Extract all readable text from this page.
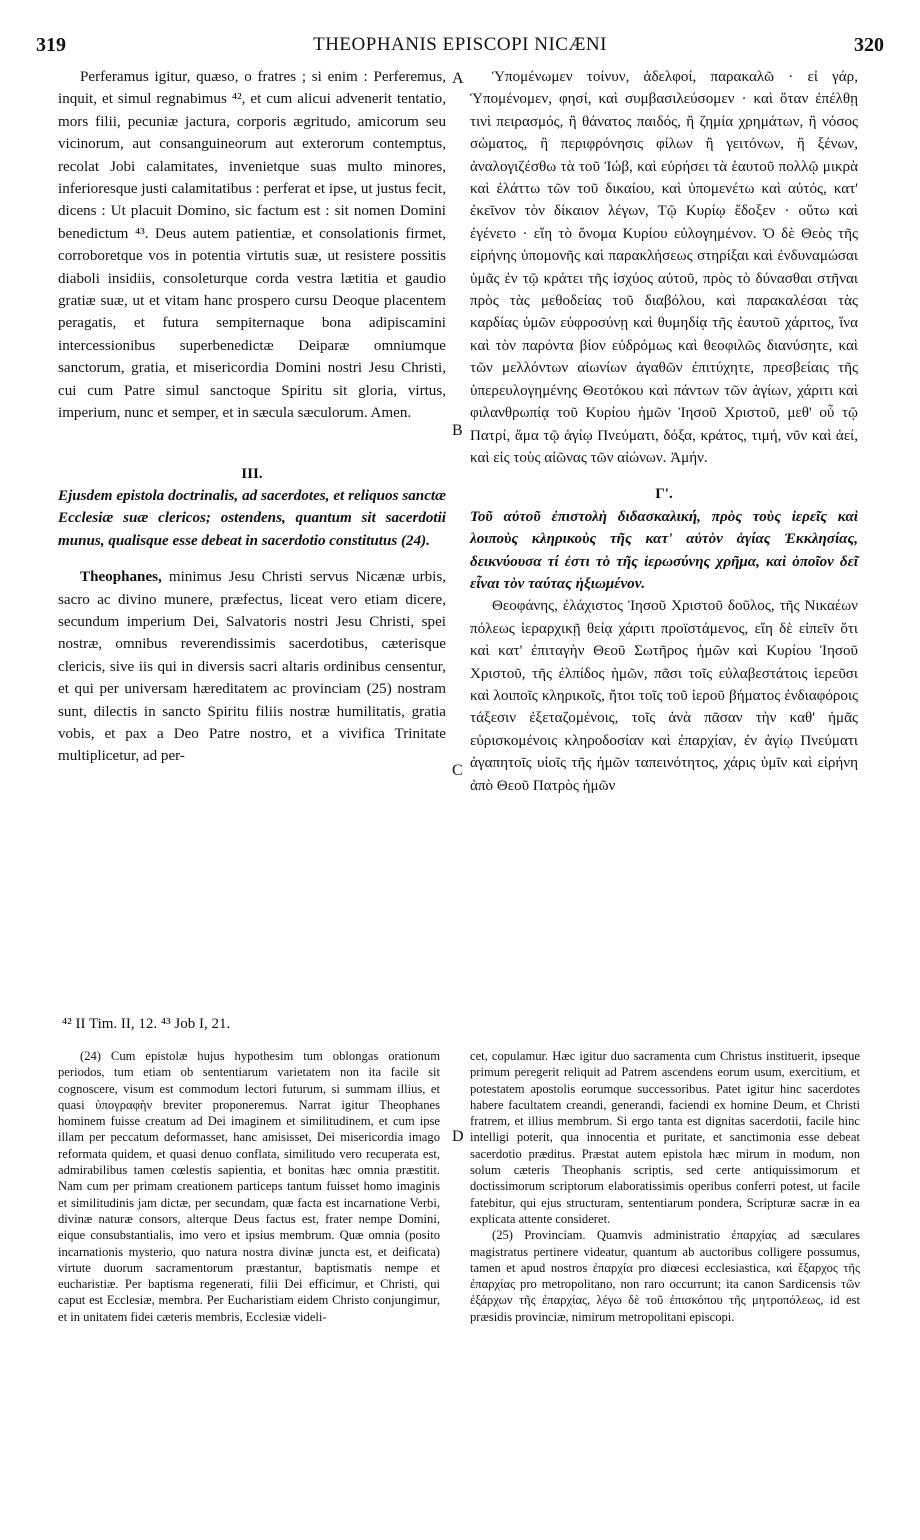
319	THEOPHANIS EPISCOPI NICÆNI	320
A
B
C
D

Perferamus igitur, quæso, o fratres ; si enim : Perferemus, inquit, et simul regnabimus ⁴², et cum alicui advenerit tentatio, mors filii, pecuniæ jactura, corporis ægritudo, amicorum seu vicinorum, aut consanguineorum aut exterorum contemptus, recolat Jobi calamitates, invenietque suas multo minores, inferioresque justi calamitatibus : perferat et ipse, ut justus fecit, dicens : Ut placuit Domino, sic factum est : sit nomen Domini benedictum ⁴³. Deus autem patientiæ, et consolationis firmet, corroboretque vos in potentia virtutis suæ, ut resistere possitis diaboli insidiis, consoleturque corda vestra lætitia et gaudio gratiæ suæ, ut et vitam hanc prospero cursu Deoque placentem peragatis, et futura sempiternaque bona adipiscamini intercessionibus superbenedictæ Deiparæ omniumque sanctorum, gratia, et misericordia Domini nostri Jesu Christi, cui cum Patre simul sanctoque Spiritu sit gloria, virtus, imperium, nunc et semper, et in sæcula sæculorum. Amen.

III.

Ejusdem epistola doctrinalis, ad sacerdotes, et reliquos sanctæ Ecclesiæ suæ clericos; ostendens, quantum sit sacerdotii munus, qualisque esse debeat in sacerdotio constitutus (24).

Theophanes, minimus Jesu Christi servus Nicænæ urbis, sacro ac divino munere, præfectus, liceat vero etiam dicere, secundum imperium Dei, Salvatoris nostri Jesu Christi, spei nostræ, omnibus reverendissimis sacerdotibus, cæterisque clericis, sive iis qui in diversis sacri altaris ordinibus censentur, et qui per universam hæreditatem ac provinciam (25) nostram sunt, dilectis in sancto Spiritu filiis nostræ humilitatis, gratia vobis, et pax a Deo Patre nostro, et a vivifica Trinitate multiplicetur, ad per-

Ὑπομένωμεν τοίνυν, ἀδελφοί, παρακαλῶ · εἰ γάρ, Ὑπομένομεν, φησί, καὶ συμβασιλεύσομεν · καὶ ὅταν ἐπέλθῃ τινὶ πειρασμός, ἢ θάνατος παιδός, ἢ ζημία χρημάτων, ἢ νόσος σώματος, ἢ περιφρόνησις φίλων ἢ γειτόνων, ἢ ξένων, ἀναλογιζέσθω τὰ τοῦ Ἰώβ, καὶ εὑρήσει τὰ ἑαυτοῦ πολλῷ μικρὰ καὶ ἐλάττω τῶν τοῦ δικαίου, καὶ ὑπομενέτω καὶ αὐτός, κατ' ἐκεῖνον τὸν δίκαιον λέγων, Τῷ Κυρίῳ ἔδοξεν · οὕτω καὶ ἐγένετο · εἴη τὸ ὄνομα Κυρίου εὐλογημένον. Ὁ δὲ Θεὸς τῆς εἰρήνης ὑπομονῆς καὶ παρακλήσεως στηρίξαι καὶ ἐνδυναμώσαι ὑμᾶς ἐν τῷ κράτει τῆς ἰσχύος αὐτοῦ, πρὸς τὸ δύνασθαι στῆναι πρὸς τὰς μεθοδείας τοῦ διαβόλου, καὶ παρακαλέσαι τὰς καρδίας ὑμῶν εὐφροσύνῃ καὶ θυμηδίᾳ τῆς ἑαυτοῦ χάριτος, ἵνα καὶ τὸν παρόντα βίον εὐδρόμως καὶ θεοφιλῶς διανύσητε, καὶ τῶν μελλόντων αἰωνίων ἀγαθῶν ἐπιτύχητε, πρεσβείαις τῆς ὑπερευλογημένης Θεοτόκου καὶ πάντων τῶν ἁγίων, χάριτι καὶ φιλανθρωπίᾳ τοῦ Κυρίου ἡμῶν Ἰησοῦ Χριστοῦ, μεθ' οὗ τῷ Πατρί, ἅμα τῷ ἁγίῳ Πνεύματι, δόξα, κράτος, τιμή, νῦν καὶ ἀεί, καὶ εἰς τοὺς αἰῶνας τῶν αἰώνων. Ἀμήν.

Γ'.

Τοῦ αὐτοῦ ἐπιστολὴ διδασκαλική, πρὸς τοὺς ἱερεῖς καὶ λοιποὺς κληρικοὺς τῆς κατ' αὐτὸν ἁγίας Ἐκκλησίας, δεικνύουσα τί ἐστι τὸ τῆς ἱερωσύνης χρῆμα, καὶ ὁποῖον δεῖ εἶναι τὸν ταύτας ἠξιωμένον.

Θεοφάνης, ἐλάχιστος Ἰησοῦ Χριστοῦ δοῦλος, τῆς Νικαέων πόλεως ἱεραρχικῇ θείᾳ χάριτι προϊστάμενος, εἴη δὲ εἰπεῖν ὅτι καὶ κατ' ἐπιταγὴν Θεοῦ Σωτῆρος ἡμῶν καὶ Κυρίου Ἰησοῦ Χριστοῦ, τῆς ἐλπίδος ἡμῶν, πᾶσι τοῖς εὐλαβεστάτοις ἱερεῦσι καὶ λοιποῖς κληρικοῖς, ἤτοι τοῖς τοῦ ἱεροῦ βήματος ἐνδιαφόροις τάξεσιν ἐξεταζομένοις, τοῖς ἀνὰ πᾶσαν τὴν καθ' ἡμᾶς εὑρισκομένοις κληροδοσίαν καὶ ἐπαρχίαν, ἐν ἁγίῳ Πνεύματι ἀγαπητοῖς υἱοῖς τῆς ἡμῶν ταπεινότητος, χάρις ὑμῖν καὶ εἰρήνη ἀπὸ Θεοῦ Πατρὸς ἡμῶν

⁴² II Tim. II, 12. ⁴³ Job I, 21.

(24) Cum epistolæ hujus hypothesim tum oblongas orationum periodos, tum etiam ob sententiarum varietatem non ita facile sit cognoscere, visum est commodum lectori futurum, si summam illius, et quasi ὑπογραφὴν breviter proponeremus. Narrat igitur Theophanes hominem fuisse creatum ad Dei imaginem et similitudinem, et cum ipse illam per peccatum deformasset, hanc amisisset, Dei misericordia imago reformata quidem, et quasi denuo conflata, similitudo vero recuperata est, admirabilibus tamen cœlestis sapientia, et bonitas hæc omnia præstitit. Nam cum per primam creationem particeps tantum fuisset homo imaginis et similitudinis jam dictæ, per secundam, quæ facta est incarnatione Verbi, divinæ naturæ consors, alterque Deus factus est, frater nempe Domini, eique consubstantialis, imo vero et ipsius membrum. Quæ omnia (posito incarnationis mysterio, quo natura nostra divinæ juncta est, et deificata) virtute duorum sacramentorum præstantur, baptismatis nempe et eucharistiæ. Per baptisma regenerati, filii Dei efficimur, et Christi, qui caput est Ecclesiæ, membra. Per Eucharistiam eidem Christo conjungimur, et in unitatem fidei cæteris membris, Ecclesiæ videli-

cet, copulamur. Hæc igitur duo sacramenta cum Christus instituerit, ipseque primum peregerit reliquit ad Patrem ascendens eorum usum, exercitium, et potestatem apostolis eorumque successoribus. Patet igitur hinc sacerdotes habere facultatem creandi, generandi, faciendi ex homine Deum, et Christi fratrem, et illius membrum. Si ergo tanta est dignitas sacerdotii, facile hinc intelligi poterit, qua innocentia et puritate, et sanctimonia esse debeat sacerdotio præditus. Præstat autem epistola hæc mirum in modum, non solum cæteris Theophanis scriptis, sed certe antiquissimorum et doctissimorum scriptorum elaboratissimis operibus conferri potest, ut facile fatebitur, qui ejus structuram, sententiarum pondera, Scripturæ sacræ in ea explicata attente consideret.

(25) Provinciam. Quamvis administratio ἐπαρχίας ad sæculares magistratus pertinere videatur, quantum ab auctoribus colligere possumus, tamen et apud nostros ἐπαρχία pro diœcesi ecclesiastica, καὶ ἔξαρχος τῆς ἐπαρχίας pro metropolitano, non raro occurrunt; ita canon Sardicensis τῶν ἐξάρχων τῆς ἐπαρχίας, λέγω δὲ τοῦ ἐπισκόπου τῆς μητροπόλεως, id est præsidis provinciæ, nimirum metropolitani episcopi.
